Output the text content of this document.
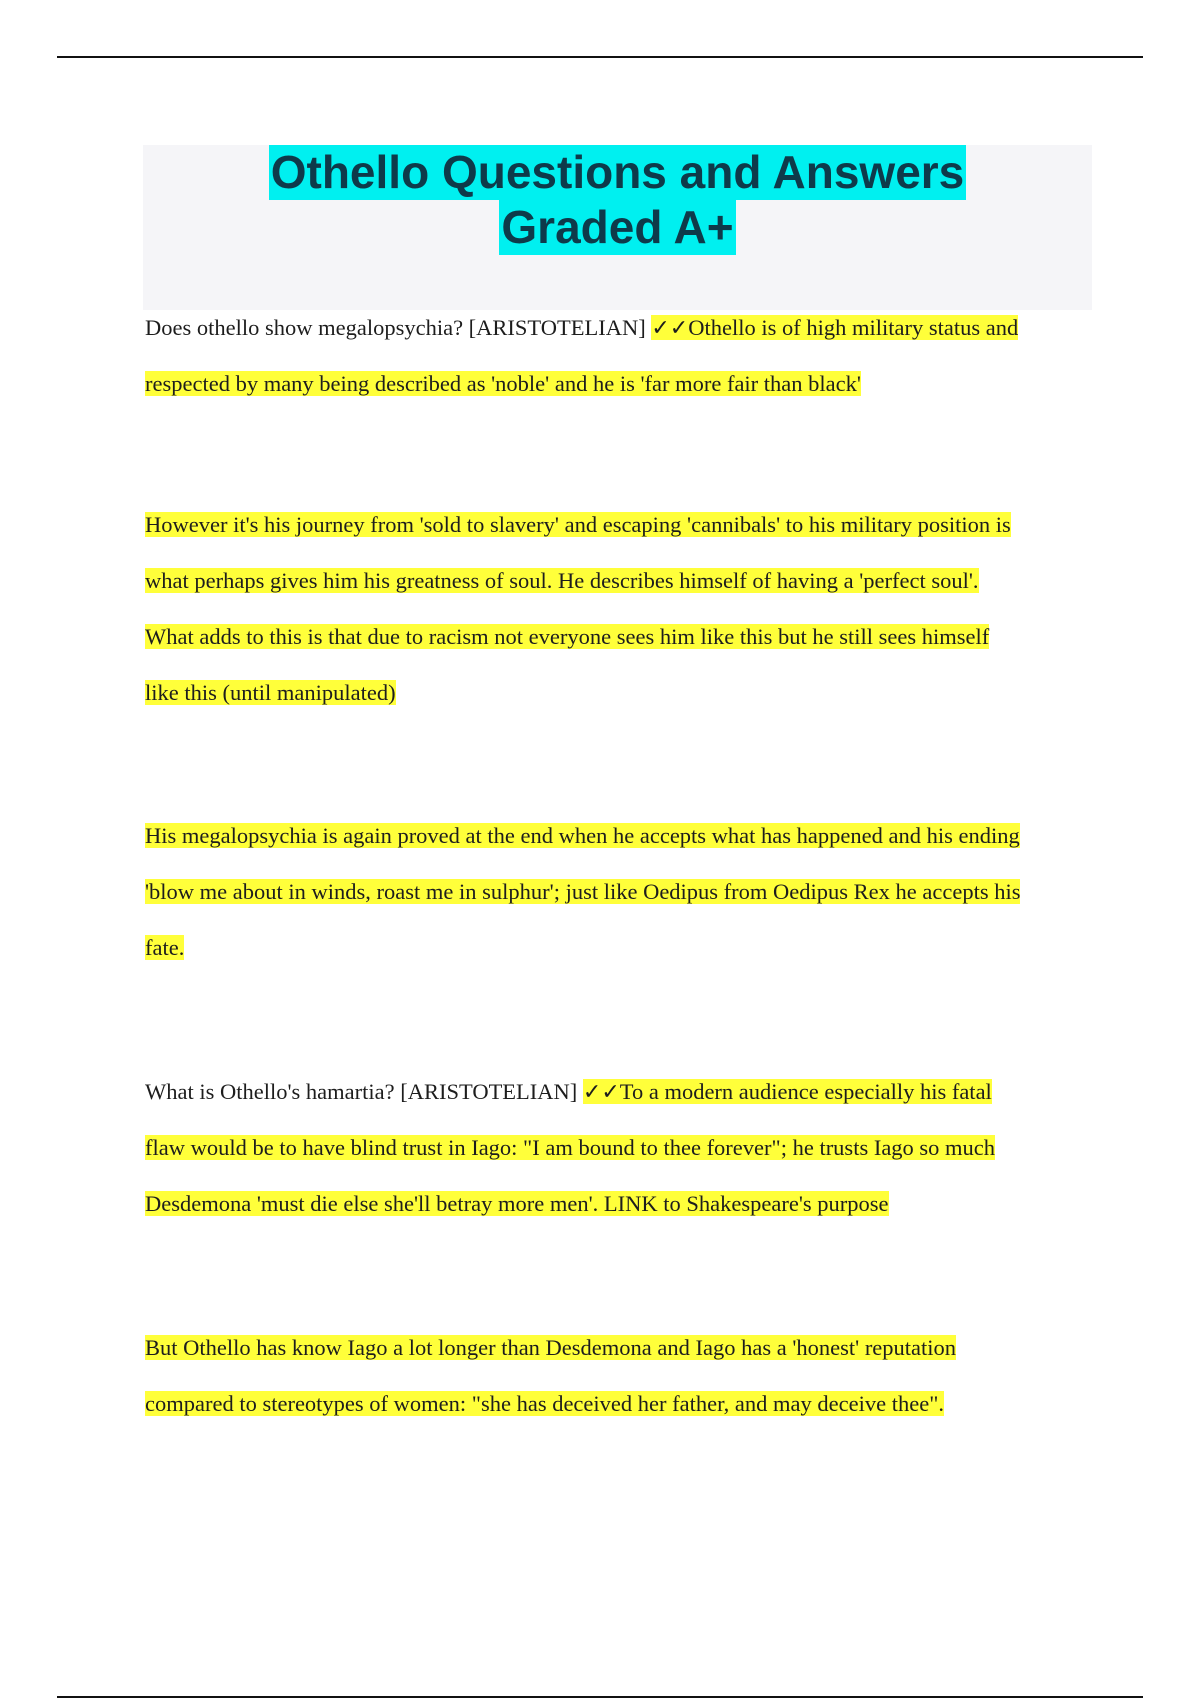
Othello Questions and Answers
Graded A+
Does othello show megalopsychia? [ARISTOTELIAN] ✓✓Othello is of high military status and
respected by many being described as 'noble' and he is 'far more fair than black'
However it's his journey from 'sold to slavery' and escaping 'cannibals' to his military position is
what perhaps gives him his greatness of soul. He describes himself of having a 'perfect soul'.
What adds to this is that due to racism not everyone sees him like this but he still sees himself
like this (until manipulated)
His megalopsychia is again proved at the end when he accepts what has happened and his ending
'blow me about in winds, roast me in sulphur'; just like Oedipus from Oedipus Rex he accepts his
fate.
What is Othello's hamartia? [ARISTOTELIAN] ✓✓To a modern audience especially his fatal
flaw would be to have blind trust in Iago: "I am bound to thee forever"; he trusts Iago so much
Desdemona 'must die else she'll betray more men'. LINK to Shakespeare's purpose
But Othello has know Iago a lot longer than Desdemona and Iago has a 'honest' reputation
compared to stereotypes of women: "she has deceived her father, and may deceive thee".
